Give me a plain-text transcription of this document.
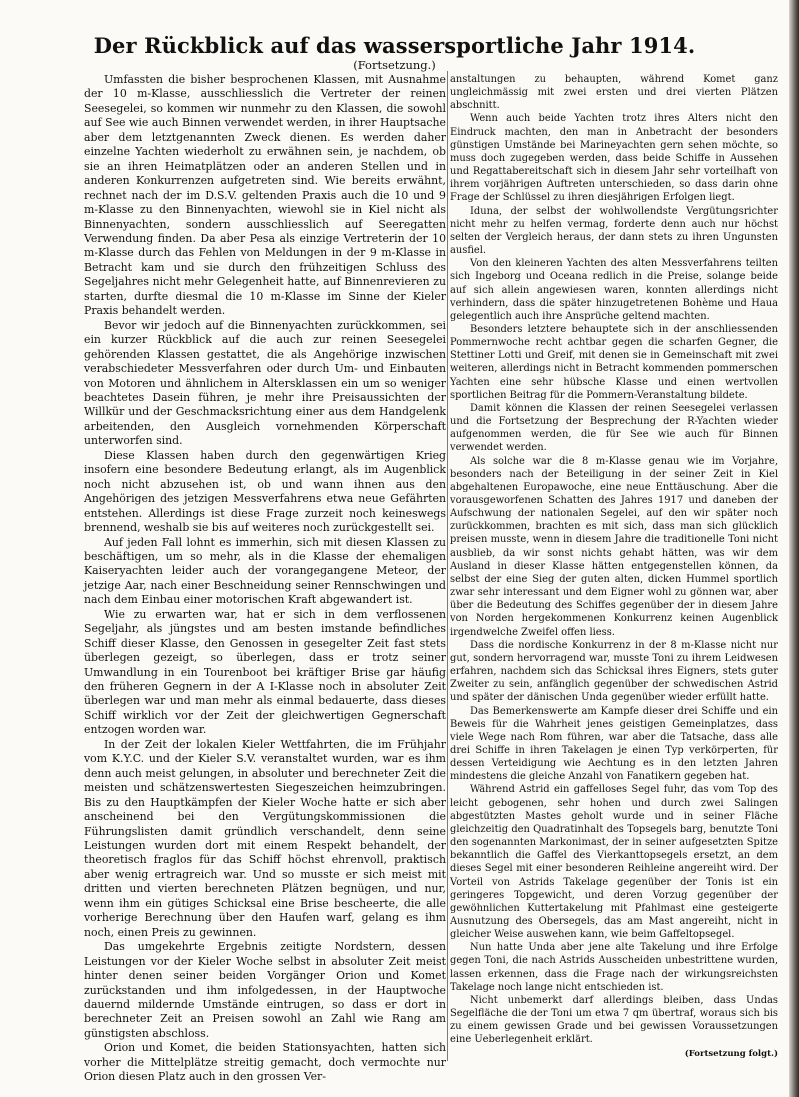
Der Rückblick auf das wassersportliche Jahr 1914.
(Fortsetzung.)

Umfassten die bisher besprochenen Klassen, mit Ausnahme der 10 m-Klasse, ausschliesslich die Vertreter der reinen Seesegelei, so kommen wir nunmehr zu den Klassen, die sowohl auf See wie auch Binnen verwendet werden, in ihrer Hauptsache aber dem letztgenannten Zweck dienen. Es werden daher einzelne Yachten wiederholt zu erwähnen sein, je nachdem, ob sie an ihren Heimatplätzen oder an anderen Stellen und in anderen Konkurrenzen aufgetreten sind. Wie bereits erwähnt, rechnet nach der im D.S.V. geltenden Praxis auch die 10 und 9 m-Klasse zu den Binnenyachten, wiewohl sie in Kiel nicht als Binnenyachten, sondern ausschliesslich auf Seeregatten Verwendung finden. Da aber Pesa als einzige Vertreterin der 10 m-Klasse durch das Fehlen von Meldungen in der 9 m-Klasse in Betracht kam und sie durch den frühzeitigen Schluss des Segeljahres nicht mehr Gelegenheit hatte, auf Binnenrevieren zu starten, durfte diesmal die 10 m-Klasse im Sinne der Kieler Praxis behandelt werden.

Bevor wir jedoch auf die Binnenyachten zurückkommen, sei ein kurzer Rückblick auf die auch zur reinen Seesegelei gehörenden Klassen gestattet, die als Angehörige inzwischen verabschiedeter Messverfahren oder durch Um- und Einbauten von Motoren und ähnlichem in Altersklassen ein um so weniger beachtetes Dasein führen, je mehr ihre Preisaussichten der Willkür und der Geschmacksrichtung einer aus dem Handgelenk arbeitenden, den Ausgleich vornehmenden Körperschaft unterworfen sind.

Diese Klassen haben durch den gegenwärtigen Krieg insofern eine besondere Bedeutung erlangt, als im Augenblick noch nicht abzusehen ist, ob und wann ihnen aus den Angehörigen des jetzigen Messverfahrens etwa neue Gefährten entstehen. Allerdings ist diese Frage zurzeit noch keineswegs brennend, weshalb sie bis auf weiteres noch zurückgestellt sei.

Auf jeden Fall lohnt es immerhin, sich mit diesen Klassen zu beschäftigen, um so mehr, als in die Klasse der ehemaligen Kaiseryachten leider auch der vorangegangene Meteor, der jetzige Aar, nach einer Beschneidung seiner Rennschwingen und nach dem Einbau einer motorischen Kraft abgewandert ist.

Wie zu erwarten war, hat er sich in dem verflossenen Segeljahr, als jüngstes und am besten imstande befindliches Schiff dieser Klasse, den Genossen in gesegelter Zeit fast stets überlegen gezeigt, so überlegen, dass er trotz seiner Umwandlung in ein Tourenboot bei kräftiger Brise gar häufig den früheren Gegnern in der A I-Klasse noch in absoluter Zeit überlegen war und man mehr als einmal bedauerte, dass dieses Schiff wirklich vor der Zeit der gleichwertigen Gegnerschaft entzogen worden war.

In der Zeit der lokalen Kieler Wettfahrten, die im Frühjahr vom K.Y.C. und der Kieler S.V. veranstaltet wurden, war es ihm denn auch meist gelungen, in absoluter und berechneter Zeit die meisten und schätzenswertesten Siegeszeichen heimzubringen. Bis zu den Hauptkämpfen der Kieler Woche hatte er sich aber anscheinend bei den Vergütungskommissionen die Führungslisten damit gründlich verschandelt, denn seine Leistungen wurden dort mit einem Respekt behandelt, der theoretisch fraglos für das Schiff höchst ehrenvoll, praktisch aber wenig ertragreich war. Und so musste er sich meist mit dritten und vierten berechneten Plätzen begnügen, und nur, wenn ihm ein gütiges Schicksal eine Brise bescheerte, die alle vorherige Berechnung über den Haufen warf, gelang es ihm noch, einen Preis zu gewinnen.

Das umgekehrte Ergebnis zeitigte Nordstern, dessen Leistungen vor der Kieler Woche selbst in absoluter Zeit meist hinter denen seiner beiden Vorgänger Orion und Komet zurückstanden und ihm infolgedessen, in der Hauptwoche dauernd mildernde Umstände eintrugen, so dass er dort in berechneter Zeit an Preisen sowohl an Zahl wie Rang am günstigsten abschloss.

Orion und Komet, die beiden Stationsyachten, hatten sich vorher die Mittelplätze streitig gemacht, doch vermochte nur Orion diesen Platz auch in den grossen Ver-

anstaltungen zu behaupten, während Komet ganz ungleichmässig mit zwei ersten und drei vierten Plätzen abschnitt.

Wenn auch beide Yachten trotz ihres Alters nicht den Eindruck machten, den man in Anbetracht der besonders günstigen Umstände bei Marineyachten gern sehen möchte, so muss doch zugegeben werden, dass beide Schiffe in Aussehen und Regattabereitschaft sich in diesem Jahr sehr vorteilhaft von ihrem vorjährigen Auftreten unterschieden, so dass darin ohne Frage der Schlüssel zu ihren diesjährigen Erfolgen liegt.

Iduna, der selbst der wohlwollendste Vergütungsrichter nicht mehr zu helfen vermag, forderte denn auch nur höchst selten der Vergleich heraus, der dann stets zu ihren Ungunsten ausfiel.

Von den kleineren Yachten des alten Messverfahrens teilten sich Ingeborg und Oceana redlich in die Preise, solange beide auf sich allein angewiesen waren, konnten allerdings nicht verhindern, dass die später hinzugetretenen Bohème und Haua gelegentlich auch ihre Ansprüche geltend machten.

Besonders letztere behauptete sich in der anschliessenden Pommernwoche recht achtbar gegen die scharfen Gegner, die Stettiner Lotti und Greif, mit denen sie in Gemeinschaft mit zwei weiteren, allerdings nicht in Betracht kommenden pommerschen Yachten eine sehr hübsche Klasse und einen wertvollen sportlichen Beitrag für die Pommern-Veranstaltung bildete.

Damit können die Klassen der reinen Seesegelei verlassen und die Fortsetzung der Besprechung der R-Yachten wieder aufgenommen werden, die für See wie auch für Binnen verwendet werden.

Als solche war die 8 m-Klasse genau wie im Vorjahre, besonders nach der Beteiligung in der seiner Zeit in Kiel abgehaltenen Europawoche, eine neue Enttäuschung. Aber die vorausgeworfenen Schatten des Jahres 1917 und daneben der Aufschwung der nationalen Segelei, auf den wir später noch zurückkommen, brachten es mit sich, dass man sich glücklich preisen musste, wenn in diesem Jahre die traditionelle Toni nicht ausblieb, da wir sonst nichts gehabt hätten, was wir dem Ausland in dieser Klasse hätten entgegenstellen können, da selbst der eine Sieg der guten alten, dicken Hummel sportlich zwar sehr interessant und dem Eigner wohl zu gönnen war, aber über die Bedeutung des Schiffes gegenüber der in diesem Jahre von Norden hergekommenen Konkurrenz keinen Augenblick irgendwelche Zweifel offen liess.

Dass die nordische Konkurrenz in der 8 m-Klasse nicht nur gut, sondern hervorragend war, musste Toni zu ihrem Leidwesen erfahren, nachdem sich das Schicksal ihres Eigners, stets guter Zweiter zu sein, anfänglich gegenüber der schwedischen Astrid und später der dänischen Unda gegenüber wieder erfüllt hatte.

Das Bemerkenswerte am Kampfe dieser drei Schiffe und ein Beweis für die Wahrheit jenes geistigen Gemeinplatzes, dass viele Wege nach Rom führen, war aber die Tatsache, dass alle drei Schiffe in ihren Takelagen je einen Typ verkörperten, für dessen Verteidigung wie Aechtung es in den letzten Jahren mindestens die gleiche Anzahl von Fanatikern gegeben hat.

Während Astrid ein gaffelloses Segel fuhr, das vom Top des leicht gebogenen, sehr hohen und durch zwei Salingen abgestützten Mastes geholt wurde und in seiner Fläche gleichzeitig den Quadratinhalt des Topsegels barg, benutzte Toni den sogenannten Markonimast, der in seiner aufgesetzten Spitze bekanntlich die Gaffel des Vierkanttopsegels ersetzt, an dem dieses Segel mit einer besonderen Reihleine angereiht wird. Der Vorteil von Astrids Takelage gegenüber der Tonis ist ein geringeres Topgewicht, und deren Vorzug gegenüber der gewöhnlichen Kuttertakelung mit Pfahlmast eine gesteigerte Ausnutzung des Obersegels, das am Mast angereiht, nicht in gleicher Weise auswehen kann, wie beim Gaffeltopsegel.

Nun hatte Unda aber jene alte Takelung und ihre Erfolge gegen Toni, die nach Astrids Ausscheiden unbestrittene wurden, lassen erkennen, dass die Frage nach der wirkungsreichsten Takelage noch lange nicht entschieden ist.

Nicht unbemerkt darf allerdings bleiben, dass Undas Segelfläche die der Toni um etwa 7 qm übertraf, woraus sich bis zu einem gewissen Grade und bei gewissen Voraussetzungen eine Ueberlegenheit erklärt.

(Fortsetzung folgt.)
